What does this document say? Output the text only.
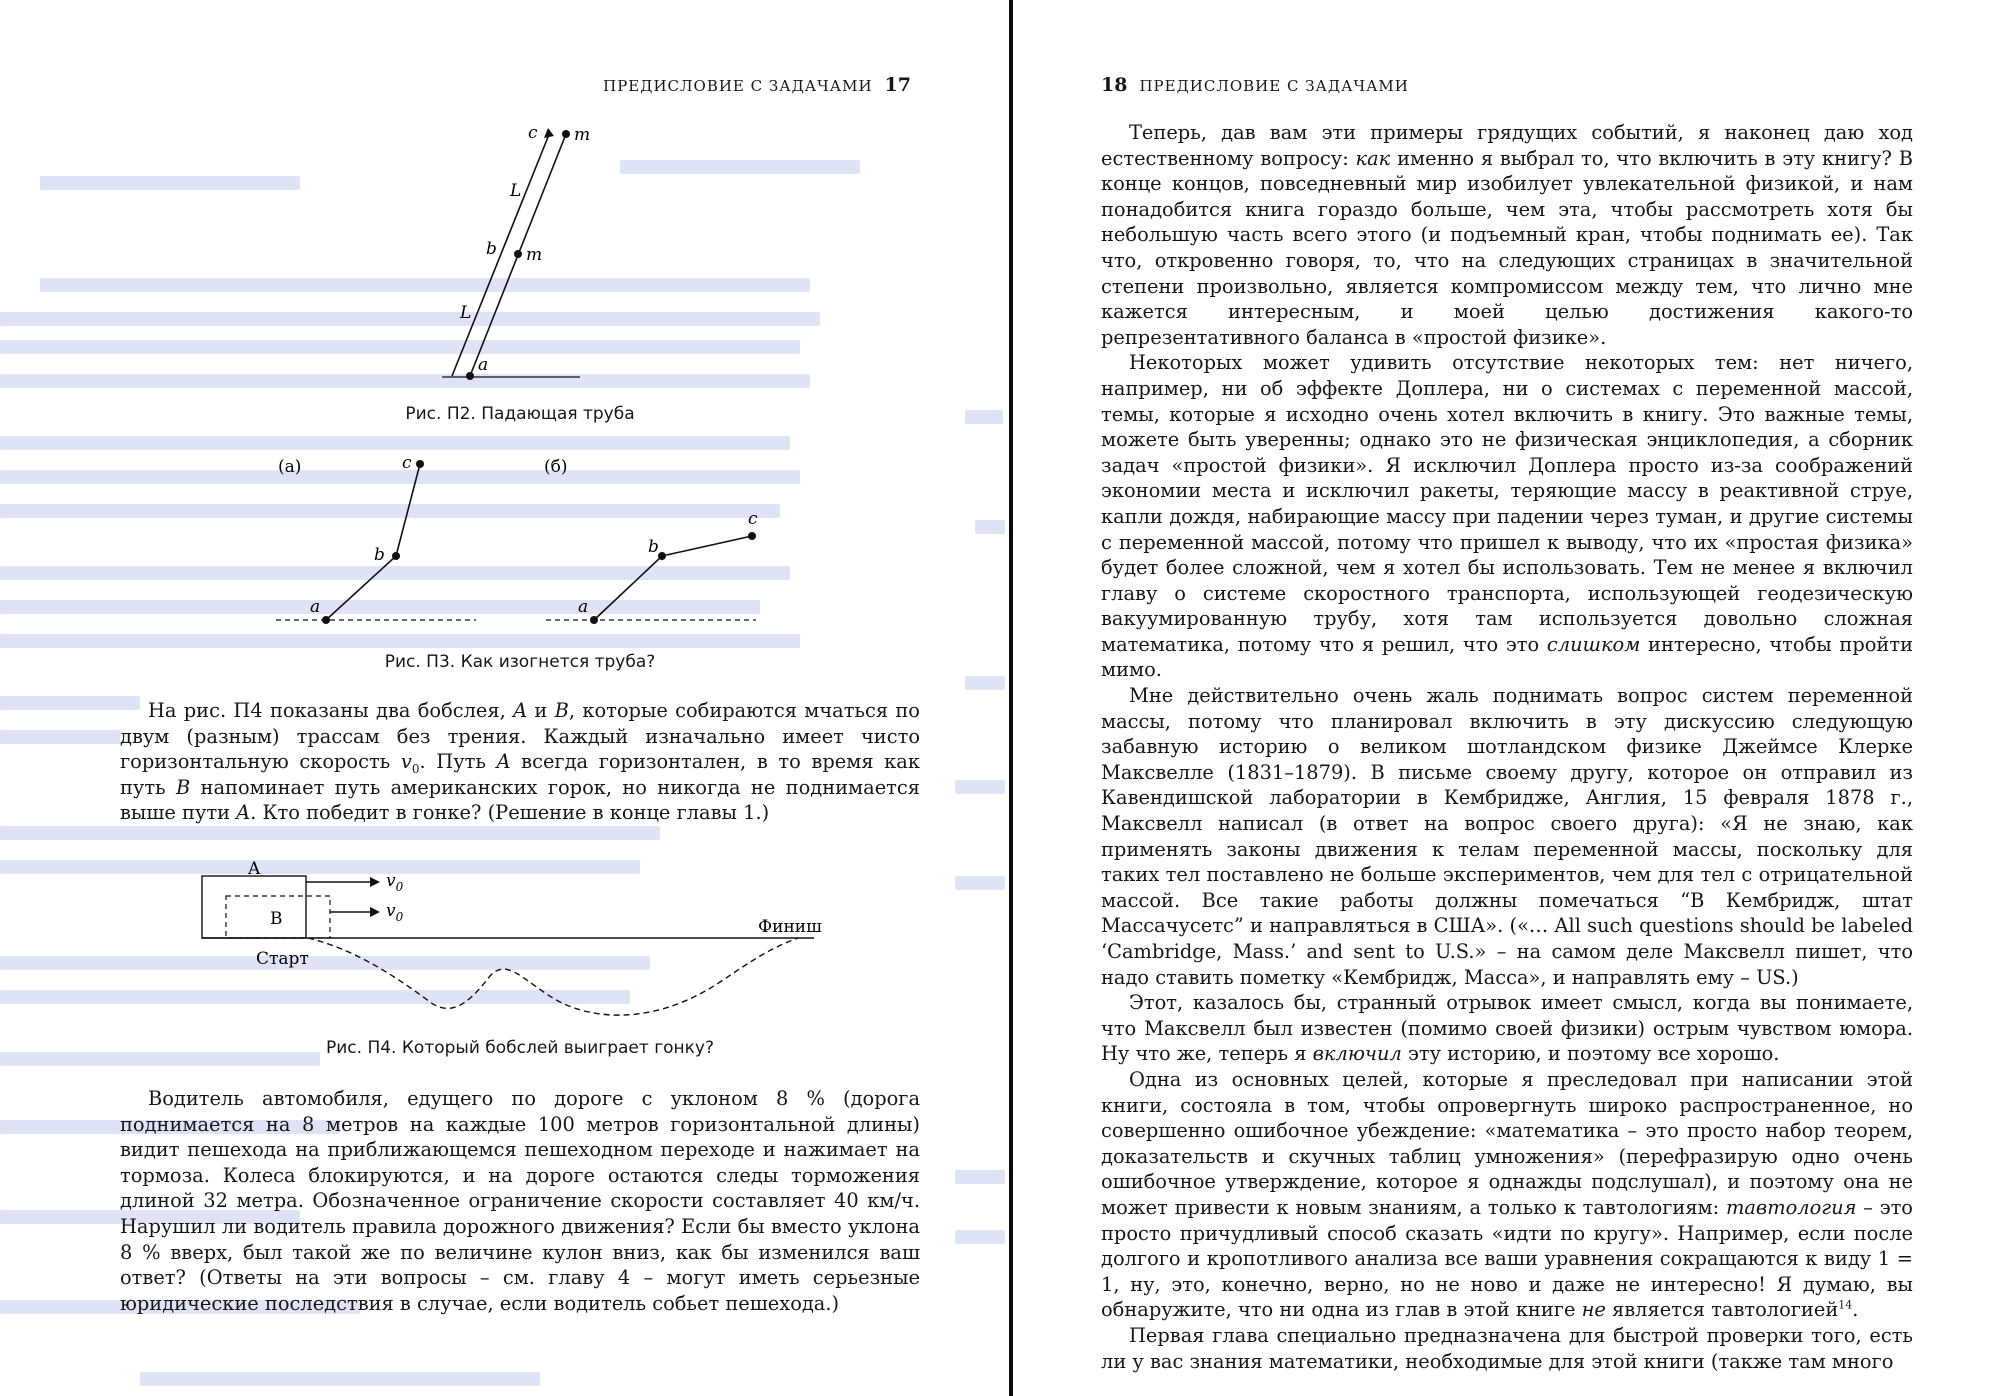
ПРЕДИСЛОВИЕ С ЗАДАЧАМИ 17
c m
L
b m
L
a
Рис. П2. Падающая труба
(а)
a
b
c	(б)
a
b
c
Рис. П3. Как изогнется труба?

На рис. П4 показаны два бобслея, A и B, которые собираются мчаться по двум (разным) трассам без трения. Каждый изначально имеет чисто горизонтальную скорость $v_0$. Путь A всегда горизонтален, в то время как путь B напоминает путь американских горок, но никогда не поднимается выше пути A. Кто победит в гонке? (Решение в конце главы 1.)

A
B
$v_0$
$v_0$
Старт
Финиш
Рис. П4. Который бобслей выиграет гонку?

Водитель автомобиля, едущего по дороге с уклоном 8 % (дорога поднимается на 8 метров на каждые 100 метров горизонтальной длины) видит пешехода на приближающемся пешеходном переходе и нажимает на тормоза. Колеса блокируются, и на дороге остаются следы торможения длиной 32 метра. Обозначенное ограничение скорости составляет 40 км/ч. Нарушил ли водитель правила дорожного движения? Если бы вместо уклона 8 % вверх, был такой же по величине кулон вниз, как бы изменился ваш ответ? (Ответы на эти вопросы – см. главу 4 – могут иметь серьезные юридические последствия в случае, если водитель собьет пешехода.)

18 ПРЕДИСЛОВИЕ С ЗАДАЧАМИ

Теперь, дав вам эти примеры грядущих событий, я наконец даю ход естественному вопросу: как именно я выбрал то, что включить в эту книгу? В конце концов, повседневный мир изобилует увлекательной физикой, и нам понадобится книга гораздо больше, чем эта, чтобы рассмотреть хотя бы небольшую часть всего этого (и подъемный кран, чтобы поднимать ее). Так что, откровенно говоря, то, что на следующих страницах в значительной степени произвольно, является компромиссом между тем, что лично мне кажется интересным, и моей целью достижения какого-то репрезентативного баланса в «простой физике».

Некоторых может удивить отсутствие некоторых тем: нет ничего, например, ни об эффекте Доплера, ни о системах с переменной массой, темы, которые я исходно очень хотел включить в книгу. Это важные темы, можете быть уверенны; однако это не физическая энциклопедия, а сборник задач «простой физики». Я исключил Доплера просто из-за соображений экономии места и исключил ракеты, теряющие массу в реактивной струе, капли дождя, набирающие массу при падении через туман, и другие системы с переменной массой, потому что пришел к выводу, что их «простая физика» будет более сложной, чем я хотел бы использовать. Тем не менее я включил главу о системе скоростного транспорта, использующей геодезическую вакуумированную трубу, хотя там используется довольно сложная математика, потому что я решил, что это слишком интересно, чтобы пройти мимо.

Мне действительно очень жаль поднимать вопрос систем переменной массы, потому что планировал включить в эту дискуссию следующую забавную историю о великом шотландском физике Джеймсе Клерке Максвелле (1831–1879). В письме своему другу, которое он отправил из Кавендишской лаборатории в Кембридже, Англия, 15 февраля 1878 г., Максвелл написал (в ответ на вопрос своего друга): «Я не знаю, как применять законы движения к телам переменной массы, поскольку для таких тел поставлено не больше экспериментов, чем для тел с отрицательной массой. Все такие работы должны помечаться “В Кембридж, штат Массачусетс” и направляться в США». («… All such questions should be labeled ‘Cambridge, Mass.’ and sent to U.S.» – на самом деле Максвелл пишет, что надо ставить пометку «Кембридж, Масса», и направлять ему – US.)

Этот, казалось бы, странный отрывок имеет смысл, когда вы понимаете, что Максвелл был известен (помимо своей физики) острым чувством юмора. Ну что же, теперь я включил эту историю, и поэтому все хорошо.

Одна из основных целей, которые я преследовал при написании этой книги, состояла в том, чтобы опровергнуть широко распространенное, но совершенно ошибочное убеждение: «математика – это просто набор теорем, доказательств и скучных таблиц умножения» (перефразирую одно очень ошибочное утверждение, которое я однажды подслушал), и поэтому она не может привести к новым знаниям, а только к тавтологиям: тавтология – это просто причудливый способ сказать «идти по кругу». Например, если после долгого и кропотливого анализа все ваши уравнения сокращаются к виду 1 = 1, ну, это, конечно, верно, но не ново и даже не интересно! Я думаю, вы обнаружите, что ни одна из глав в этой книге не является тавтологией$^{14}$.

Первая глава специально предназначена для быстрой проверки того, есть ли у вас знания математики, необходимые для этой книги (также там много
